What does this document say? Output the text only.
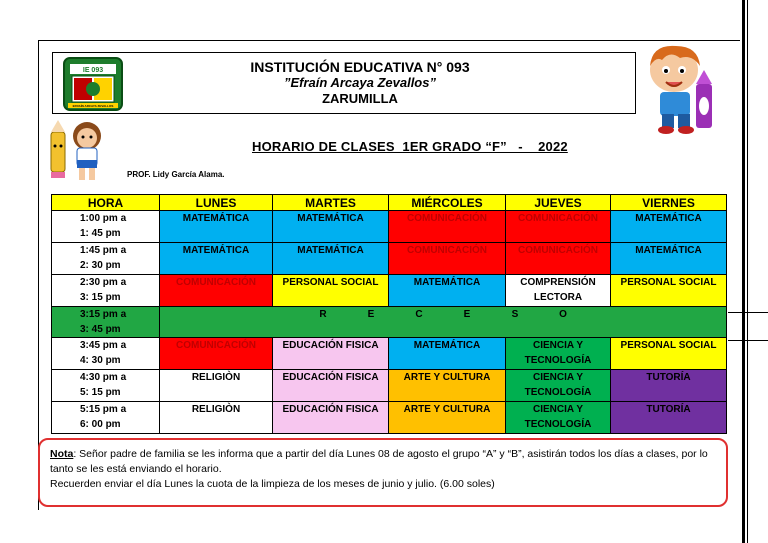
IE 093
EFRAÍN ARCAYA ZEVALLOS
INSTITUCIÓN EDUCATIVA N° 093
”Efraín Arcaya Zevallos”
ZARUMILLA
HORARIO DE CLASES  1ER GRADO “F”   -    2022
PROF. Lidy García Alama.
HORA	LUNES	MARTES	MIÉRCOLES	JUEVES	VIERNES

1:00 pm a
1: 45 pm	MATEMÁTICA	MATEMÁTICA	COMUNICACIÓN	COMUNICACIÓN	MATEMÁTICA

1:45 pm a
2: 30 pm	MATEMÁTICA	MATEMÁTICA	COMUNICACIÓN	COMUNICACIÓN	MATEMÁTICA

2:30 pm a
3: 15 pm	COMUNICACIÓN	PERSONAL SOCIAL	MATEMÁTICA	COMPRENSIÓN LECTORA	PERSONAL SOCIAL

3:15 pm a
3: 45 pm	R E C E S O				

3:45 pm a
4: 30 pm	COMUNICACIÓN	EDUCACIÓN FISICA	MATEMÁTICA	CIENCIA Y TECNOLOGÍA	PERSONAL SOCIAL

4:30 pm a
5: 15 pm	RELIGIÒN	EDUCACIÓN FISICA	ARTE Y CULTURA	CIENCIA Y TECNOLOGÍA	TUTORÍA

5:15 pm a
6: 00 pm	RELIGIÒN	EDUCACIÓN FISICA	ARTE Y CULTURA	CIENCIA Y TECNOLOGÍA	TUTORÍA
Nota: Señor padre de familia se les informa que a partir del día Lunes 08 de agosto el grupo “A” y “B”, asistirán todos los días a clases, por lo tanto se les está enviando el horario.
Recuerden enviar el día Lunes la cuota de la limpieza de los meses de junio y julio. (6.00 soles)
